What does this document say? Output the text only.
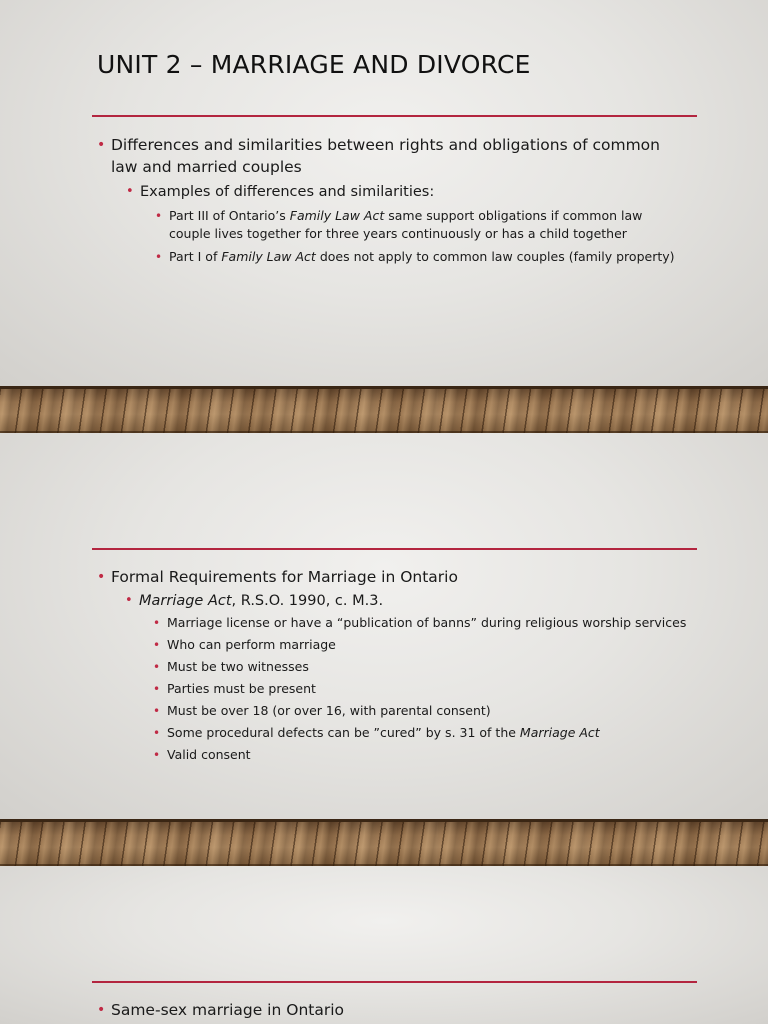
UNIT 2 – MARRIAGE AND DIVORCE
• Differences and similarities between rights and obligations of common law and married couples
• Examples of differences and similarities:
• Part III of Ontario’s Family Law Act same support obligations if common law couple lives together for three years continuously or has a child together
• Part I of Family Law Act does not apply to common law couples (family property)
• Formal Requirements for Marriage in Ontario
• Marriage Act, R.S.O. 1990, c. M.3.
• Marriage license or have a “publication of banns” during religious worship services
• Who can perform marriage
• Must be two witnesses
• Parties must be present
• Must be over 18 (or over 16, with parental consent)
• Some procedural defects can be ”cured” by s. 31 of the Marriage Act
• Valid consent
• Same-sex marriage in Ontario
